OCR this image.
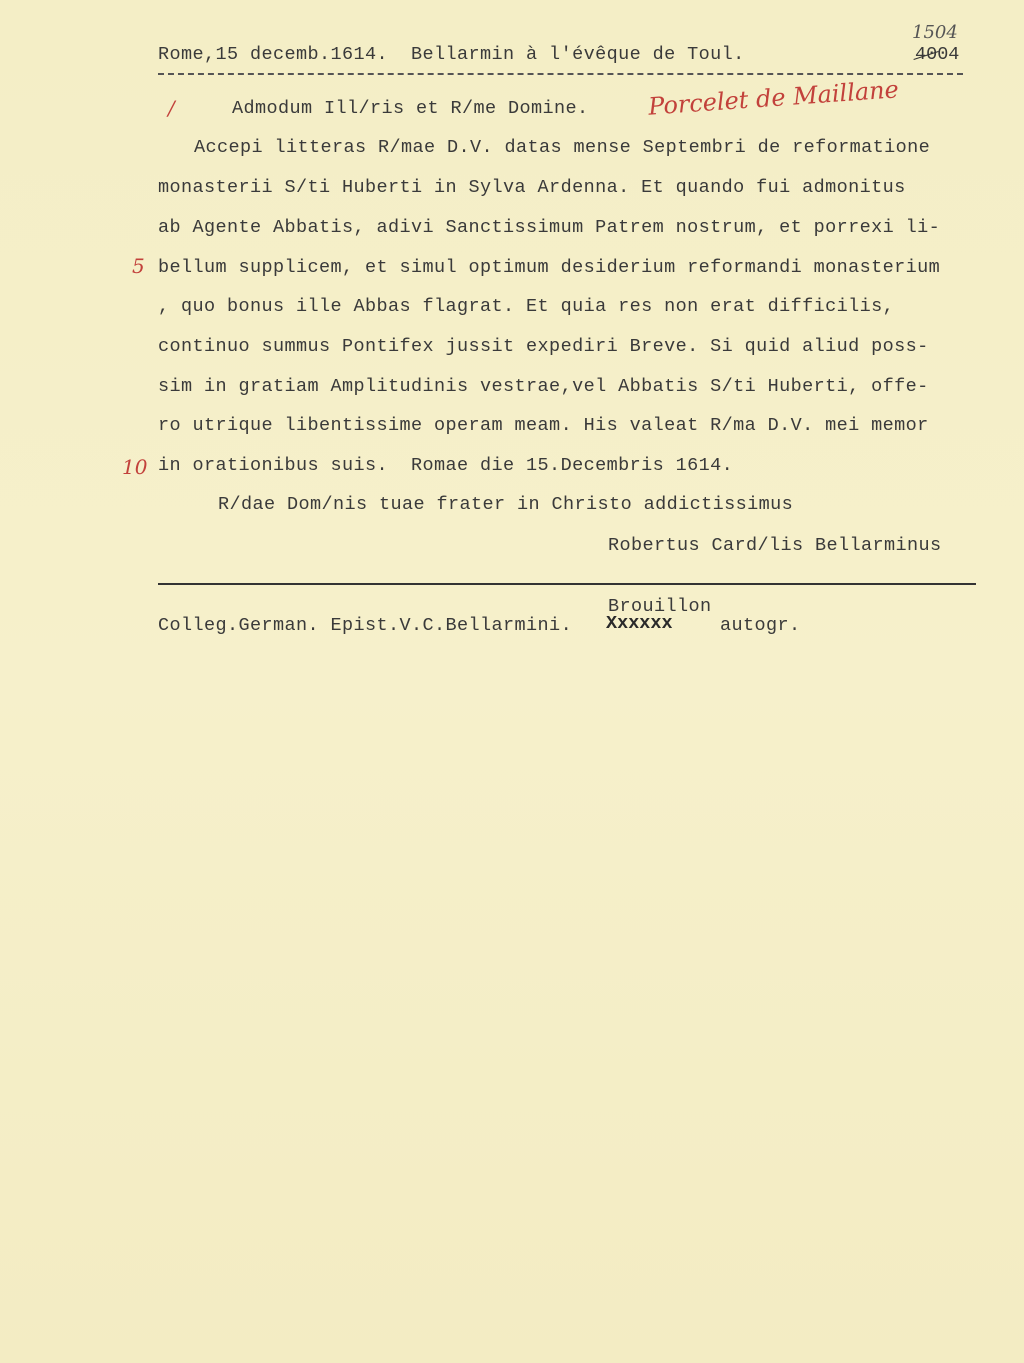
Rome,15 decemb.1614.  Bellarmin à l'évêque de Toul.	4004
1504
/	Porcelet de Maillane
5
10
Admodum Ill/ris et R/me Domine.
Accepi litteras R/mae D.V. datas mense Septembri de reformatione
monasterii S/ti Huberti in Sylva Ardenna. Et quando fui admonitus
ab Agente Abbatis, adivi Sanctissimum Patrem nostrum, et porrexi li-
bellum supplicem, et simul optimum desiderium reformandi monasterium
, quo bonus ille Abbas flagrat. Et quia res non erat difficilis,
continuo summus Pontifex jussit expediri Breve. Si quid aliud poss-
sim in gratiam Amplitudinis vestrae,vel Abbatis S/ti Huberti, offe-
ro utrique libentissime operam meam. His valeat R/ma D.V. mei memor
in orationibus suis.  Romae die 15.Decembris 1614.
R/dae Dom/nis tuae frater in Christo addictissimus
Robertus Card/lis Bellarminus
Brouillon
Colleg.German. Epist.V.C.Bellarmini. Xxxxxx	autogr.
